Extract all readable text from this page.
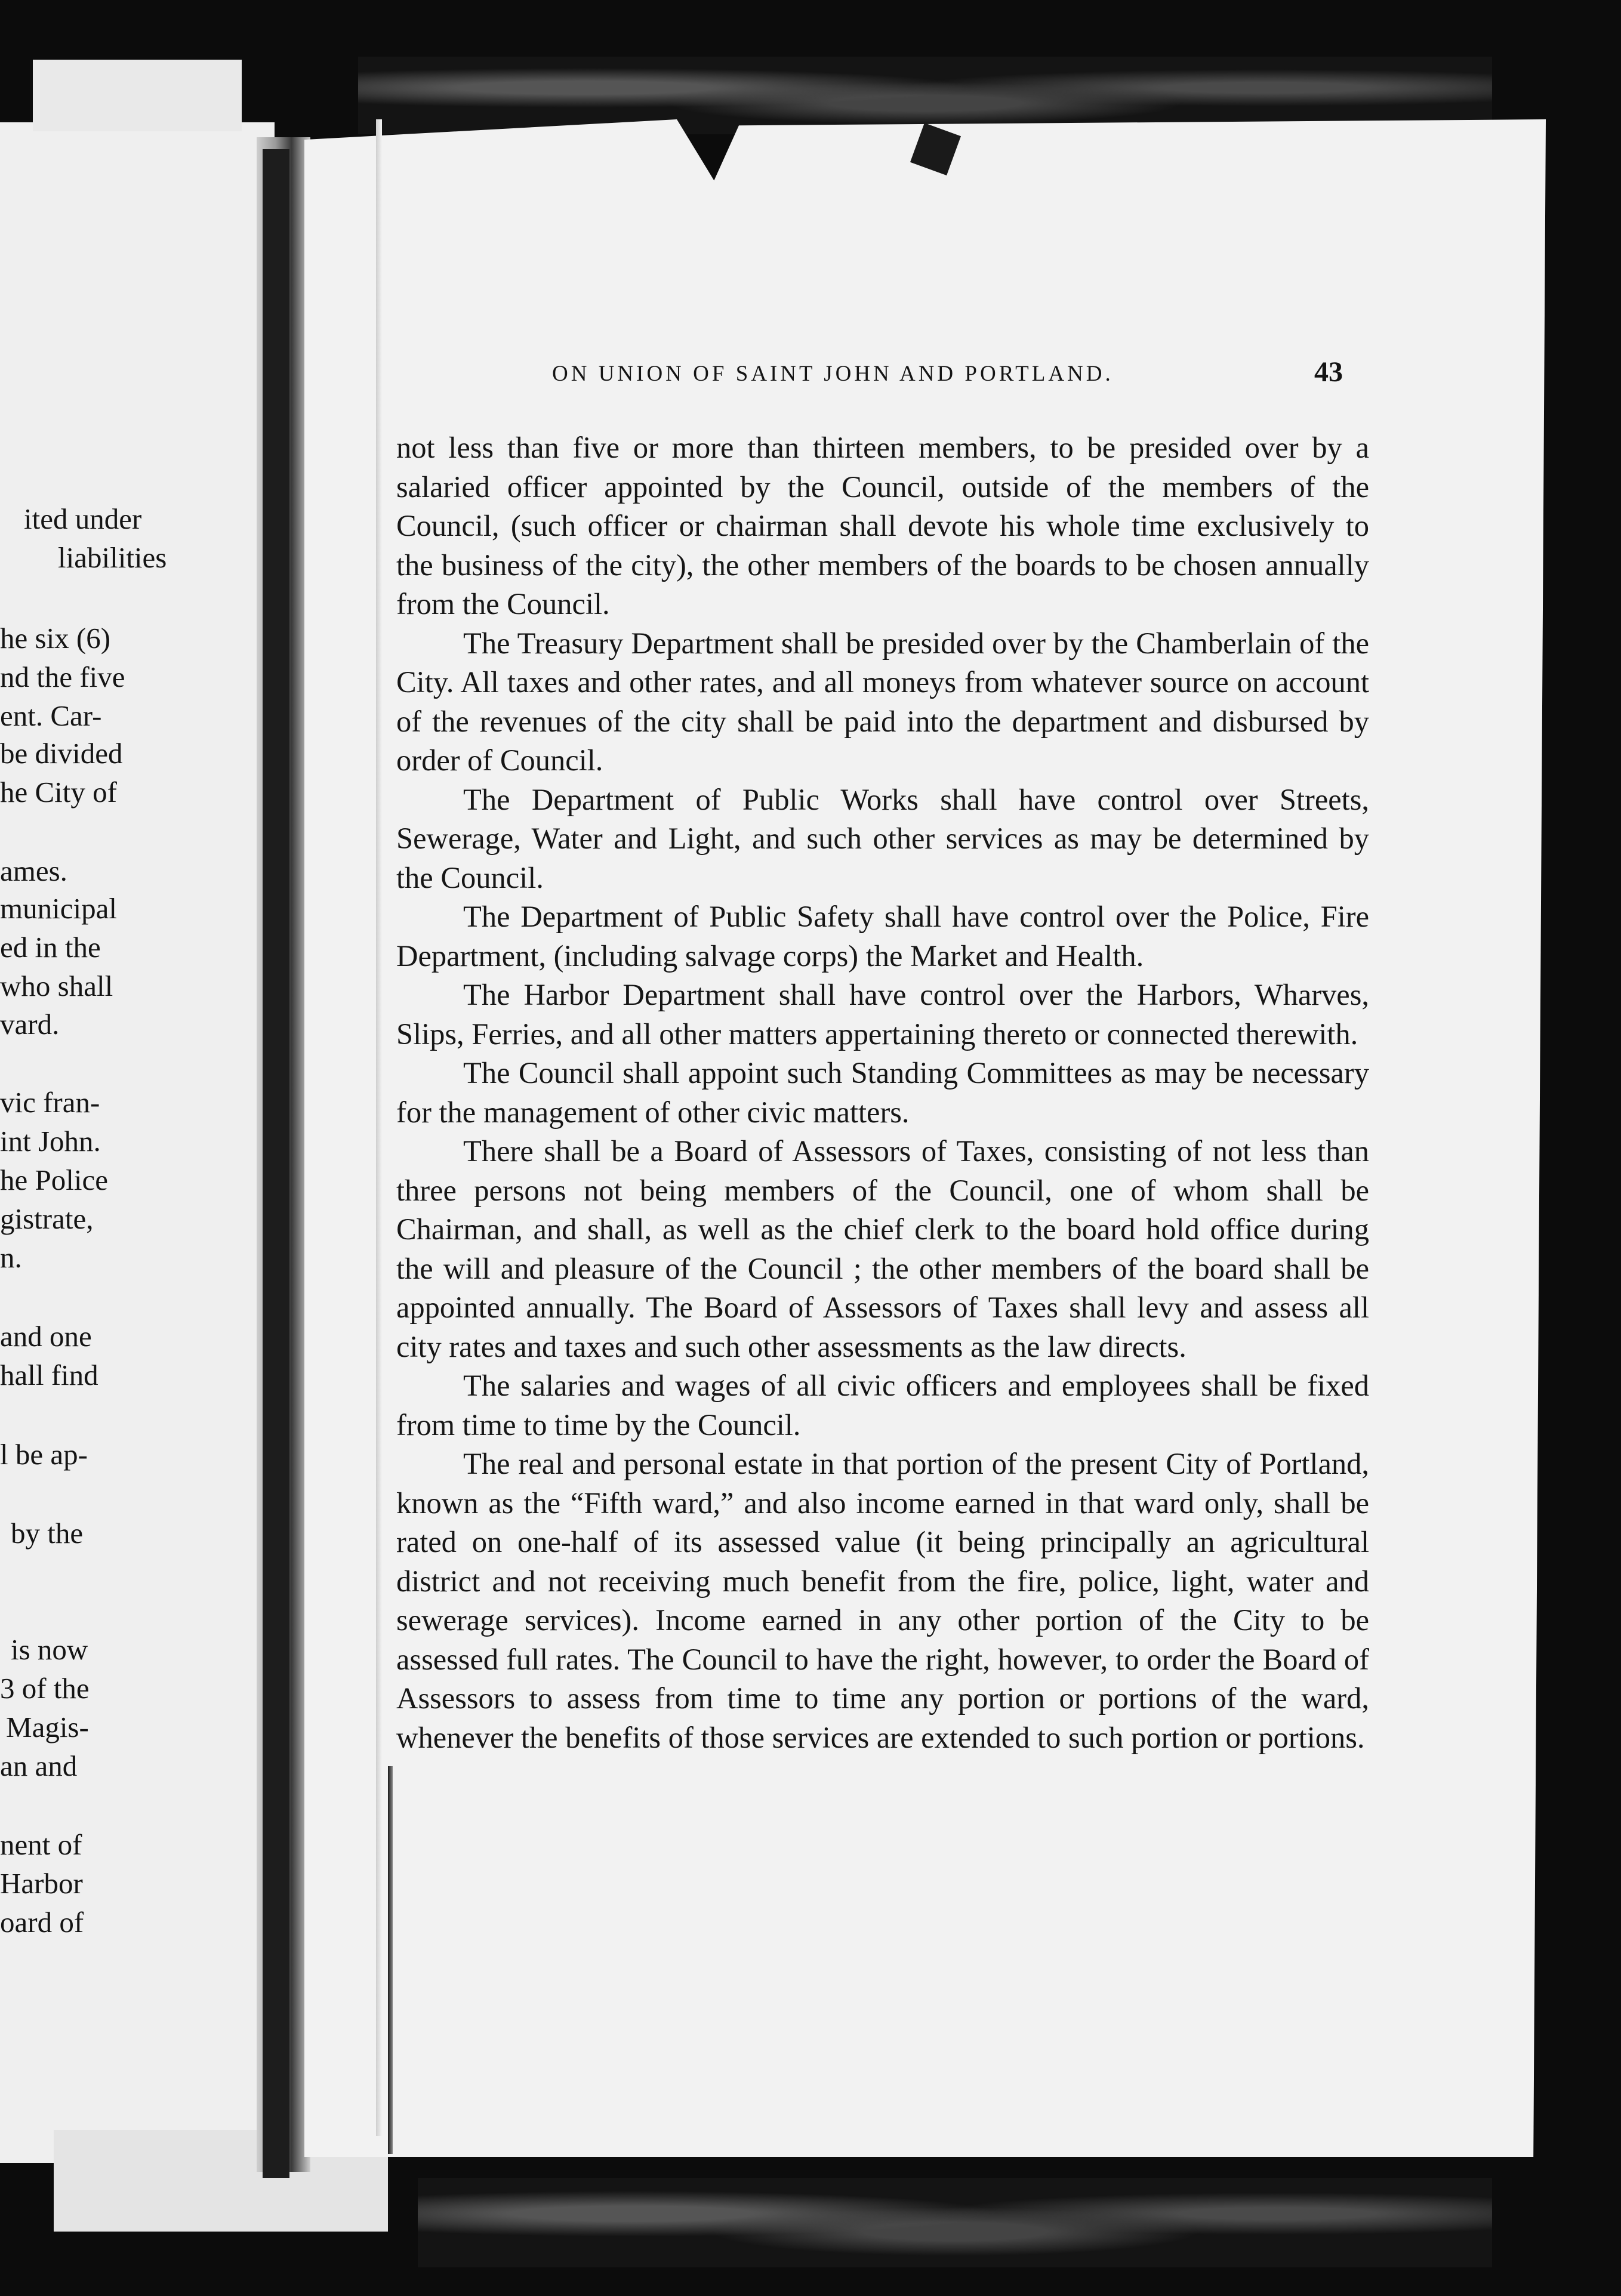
ited under
liabilities
he six (6)
nd the five
ent. Car-
be divided
he City of
ames.
municipal
ed in the
who shall
vard.
vic fran-
int John.
he Police
gistrate,
n.
and one
hall find
l be ap-
by the
is now
3 of the
Magis-
an and
nent of
Harbor
oard of
ON UNION OF SAINT JOHN AND PORTLAND.	43

not less than five or more than thirteen members, to be presided over by a salaried officer appointed by the Council, outside of the members of the Council, (such officer or chairman shall devote his whole time exclusively to the business of the city), the other members of the boards to be chosen annually from the Council.

The Treasury Department shall be presided over by the Chamberlain of the City. All taxes and other rates, and all moneys from whatever source on account of the revenues of the city shall be paid into the department and disbursed by order of Council.

The Department of Public Works shall have control over Streets, Sewerage, Water and Light, and such other services as may be determined by the Council.

The Department of Public Safety shall have control over the Police, Fire Department, (including salvage corps) the Market and Health.

The Harbor Department shall have control over the Harbors, Wharves, Slips, Ferries, and all other matters appertaining thereto or connected therewith.

The Council shall appoint such Standing Committees as may be necessary for the management of other civic matters.

There shall be a Board of Assessors of Taxes, consisting of not less than three persons not being members of the Council, one of whom shall be Chairman, and shall, as well as the chief clerk to the board hold office during the will and pleasure of the Council ; the other members of the board shall be appointed annually. The Board of Assessors of Taxes shall levy and assess all city rates and taxes and such other assessments as the law directs.

The salaries and wages of all civic officers and employees shall be fixed from time to time by the Council.

The real and personal estate in that portion of the present City of Portland, known as the “Fifth ward,” and also income earned in that ward only, shall be rated on one-half of its assessed value (it being principally an agricultural district and not receiving much benefit from the fire, police, light, water and sewerage services). Income earned in any other portion of the City to be assessed full rates. The Council to have the right, however, to order the Board of Assessors to assess from time to time any portion or portions of the ward, whenever the benefits of those services are extended to such portion or portions.
